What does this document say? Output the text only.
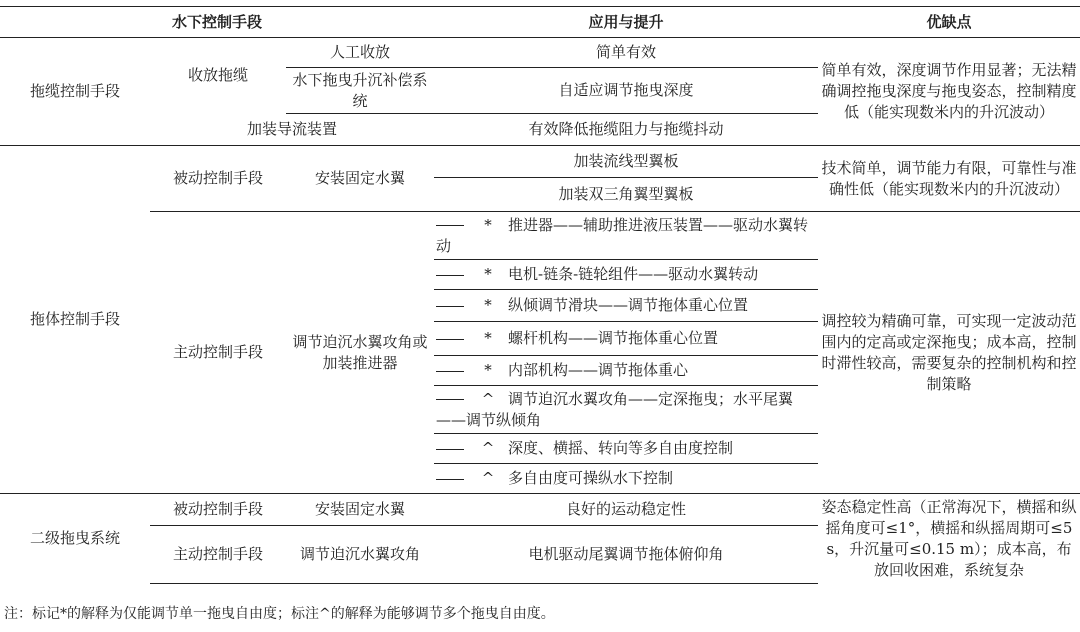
水下控制手段			应用与提升	优缺点
拖缆控制手段	收放拖缆	人工收放	简单有效	简单有效，深度调节作用显著；无法精确调控拖曳深度与拖曳姿态，控制精度低（能实现数米内的升沉波动）
		水下拖曳升沉补偿系统	自适应调节拖曳深度	
	加装导流装置		有效降低拖缆阻力与拖缆抖动	
拖体控制手段	被动控制手段	安装固定水翼	加装流线型翼板	技术简单，调节能力有限，可靠性与准确性低（能实现数米内的升沉波动）
			加装双三角翼型翼板	
	主动控制手段	调节迫沉水翼攻角或加装推进器	* 推进器——辅助推进液压装置——驱动水翼转动	调控较为精确可靠，可实现一定波动范围内的定高或定深拖曳；成本高，控制时滞性较高，需要复杂的控制机构和控制策略
			* 电机-链条-链轮组件——驱动水翼转动	
			* 纵倾调节滑块——调节拖体重心位置	
			* 螺杆机构——调节拖体重心位置	
			* 内部机构——调节拖体重心	
			^ 调节迫沉水翼攻角——定深拖曳；水平尾翼——调节纵倾角	
			^ 深度、横摇、转向等多自由度控制	
			^ 多自由度可操纵水下控制	
二级拖曳系统	被动控制手段	安装固定水翼	良好的运动稳定性	姿态稳定性高（正常海况下，横摇和纵摇角度可≤1°，横摇和纵摇周期可≤5 s，升沉量可≤0.15 m）；成本高，布放回收困难，系统复杂
	主动控制手段	调节迫沉水翼攻角	电机驱动尾翼调节拖体俯仰角	
注：标记*的解释为仅能调节单一拖曳自由度；标注^的解释为能够调节多个拖曳自由度。
